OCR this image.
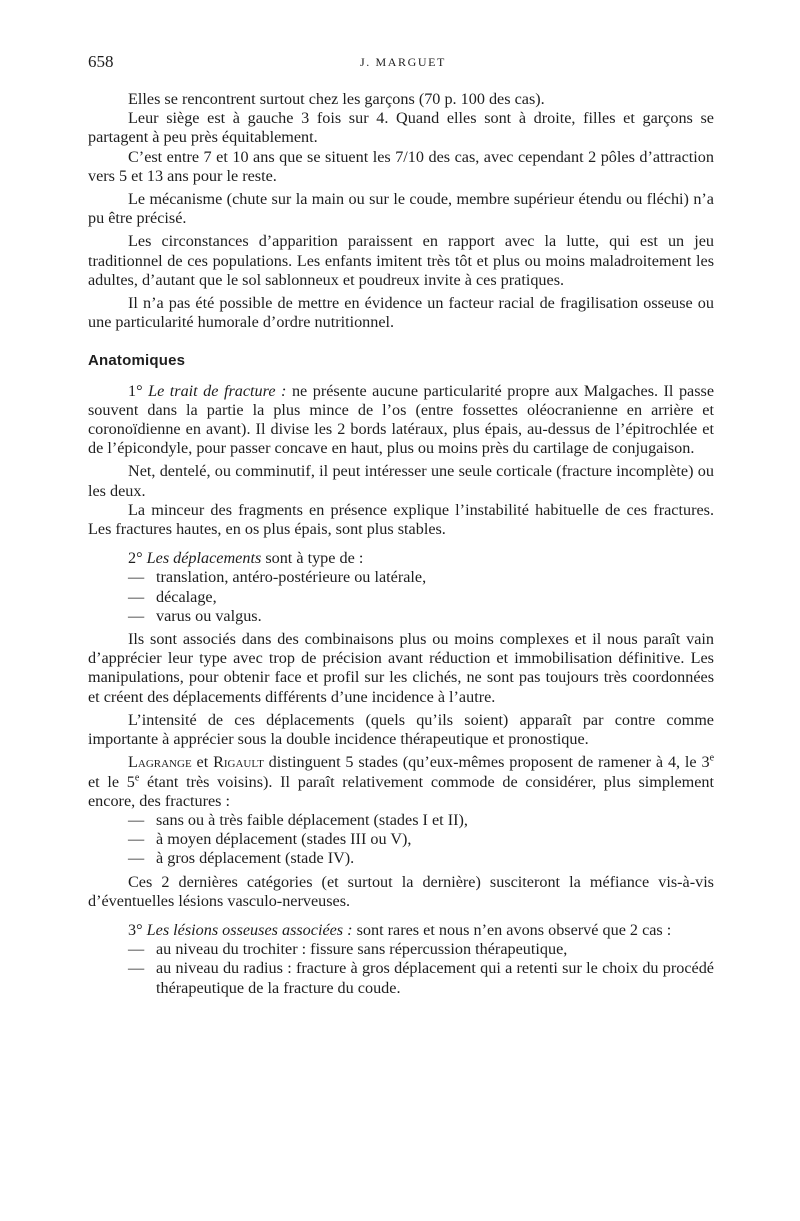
658	J. MARGUET

Elles se rencontrent surtout chez les garçons (70 p. 100 des cas).

Leur siège est à gauche 3 fois sur 4. Quand elles sont à droite, filles et garçons se partagent à peu près équitablement.

C’est entre 7 et 10 ans que se situent les 7/10 des cas, avec cependant 2 pôles d’attraction vers 5 et 13 ans pour le reste.

Le mécanisme (chute sur la main ou sur le coude, membre supérieur étendu ou fléchi) n’a pu être précisé.

Les circonstances d’apparition paraissent en rapport avec la lutte, qui est un jeu traditionnel de ces populations. Les enfants imitent très tôt et plus ou moins maladroitement les adultes, d’autant que le sol sablonneux et poudreux invite à ces pratiques.

Il n’a pas été possible de mettre en évidence un facteur racial de fragilisation osseuse ou une particularité humorale d’ordre nutritionnel.

Anatomiques

1° Le trait de fracture : ne présente aucune particularité propre aux Malgaches. Il passe souvent dans la partie la plus mince de l’os (entre fossettes oléocranienne en arrière et coronoïdienne en avant). Il divise les 2 bords latéraux, plus épais, au-dessus de l’épitrochlée et de l’épicondyle, pour passer concave en haut, plus ou moins près du cartilage de conjugaison.

Net, dentelé, ou comminutif, il peut intéresser une seule corticale (fracture incomplète) ou les deux.

La minceur des fragments en présence explique l’instabilité habituelle de ces fractures. Les fractures hautes, en os plus épais, sont plus stables.

2° Les déplacements sont à type de :

— translation, antéro-postérieure ou latérale,
— décalage,
— varus ou valgus.

Ils sont associés dans des combinaisons plus ou moins complexes et il nous paraît vain d’apprécier leur type avec trop de précision avant réduction et immobilisation définitive. Les manipulations, pour obtenir face et profil sur les clichés, ne sont pas toujours très coordonnées et créent des déplacements différents d’une incidence à l’autre.

L’intensité de ces déplacements (quels qu’ils soient) apparaît par contre comme importante à apprécier sous la double incidence thérapeutique et pronostique.

Lagrange et Rigault distinguent 5 stades (qu’eux-mêmes proposent de ramener à 4, le 3e et le 5e étant très voisins). Il paraît relativement commode de considérer, plus simplement encore, des fractures :

— sans ou à très faible déplacement (stades I et II),
— à moyen déplacement (stades III ou V),
— à gros déplacement (stade IV).

Ces 2 dernières catégories (et surtout la dernière) susciteront la méfiance vis-à-vis d’éventuelles lésions vasculo-nerveuses.

3° Les lésions osseuses associées : sont rares et nous n’en avons observé que 2 cas :

— au niveau du trochiter : fissure sans répercussion thérapeutique,
— au niveau du radius : fracture à gros déplacement qui a retenti sur le choix du procédé thérapeutique de la fracture du coude.
